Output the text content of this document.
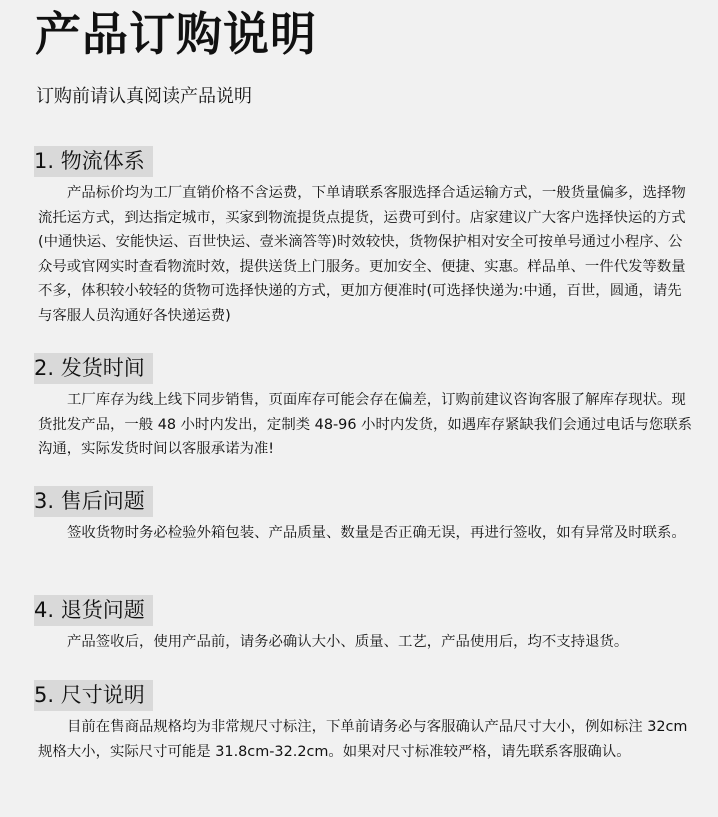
产品订购说明
订购前请认真阅读产品说明
1. 物流体系
产品标价均为工厂直销价格不含运费，下单请联系客服选择合适运输方式，一般货量偏多，选择物流托运方式，到达指定城市，买家到物流提货点提货，运费可到付。店家建议广大客户选择快运的方式(中通快运、安能快运、百世快运、壹米滴答等)时效较快，货物保护相对安全可按单号通过小程序、公众号或官网实时查看物流时效，提供送货上门服务。更加安全、便捷、实惠。样品单、一件代发等数量不多，体积较小较轻的货物可选择快递的方式，更加方便准时(可选择快递为:中通，百世，圆通，请先与客服人员沟通好各快递运费)
2. 发货时间
工厂库存为线上线下同步销售，页面库存可能会存在偏差，订购前建议咨询客服了解库存现状。现货批发产品，一般 48 小时内发出，定制类 48-96 小时内发货，如遇库存紧缺我们会通过电话与您联系沟通，实际发货时间以客服承诺为准!
3. 售后问题
签收货物时务必检验外箱包装、产品质量、数量是否正确无误，再进行签收，如有异常及时联系。
4. 退货问题
产品签收后，使用产品前，请务必确认大小、质量、工艺，产品使用后，均不支持退货。
5. 尺寸说明
目前在售商品规格均为非常规尺寸标注，下单前请务必与客服确认产品尺寸大小，例如标注 32cm 规格大小，实际尺寸可能是 31.8cm-32.2cm。如果对尺寸标准较严格，请先联系客服确认。
